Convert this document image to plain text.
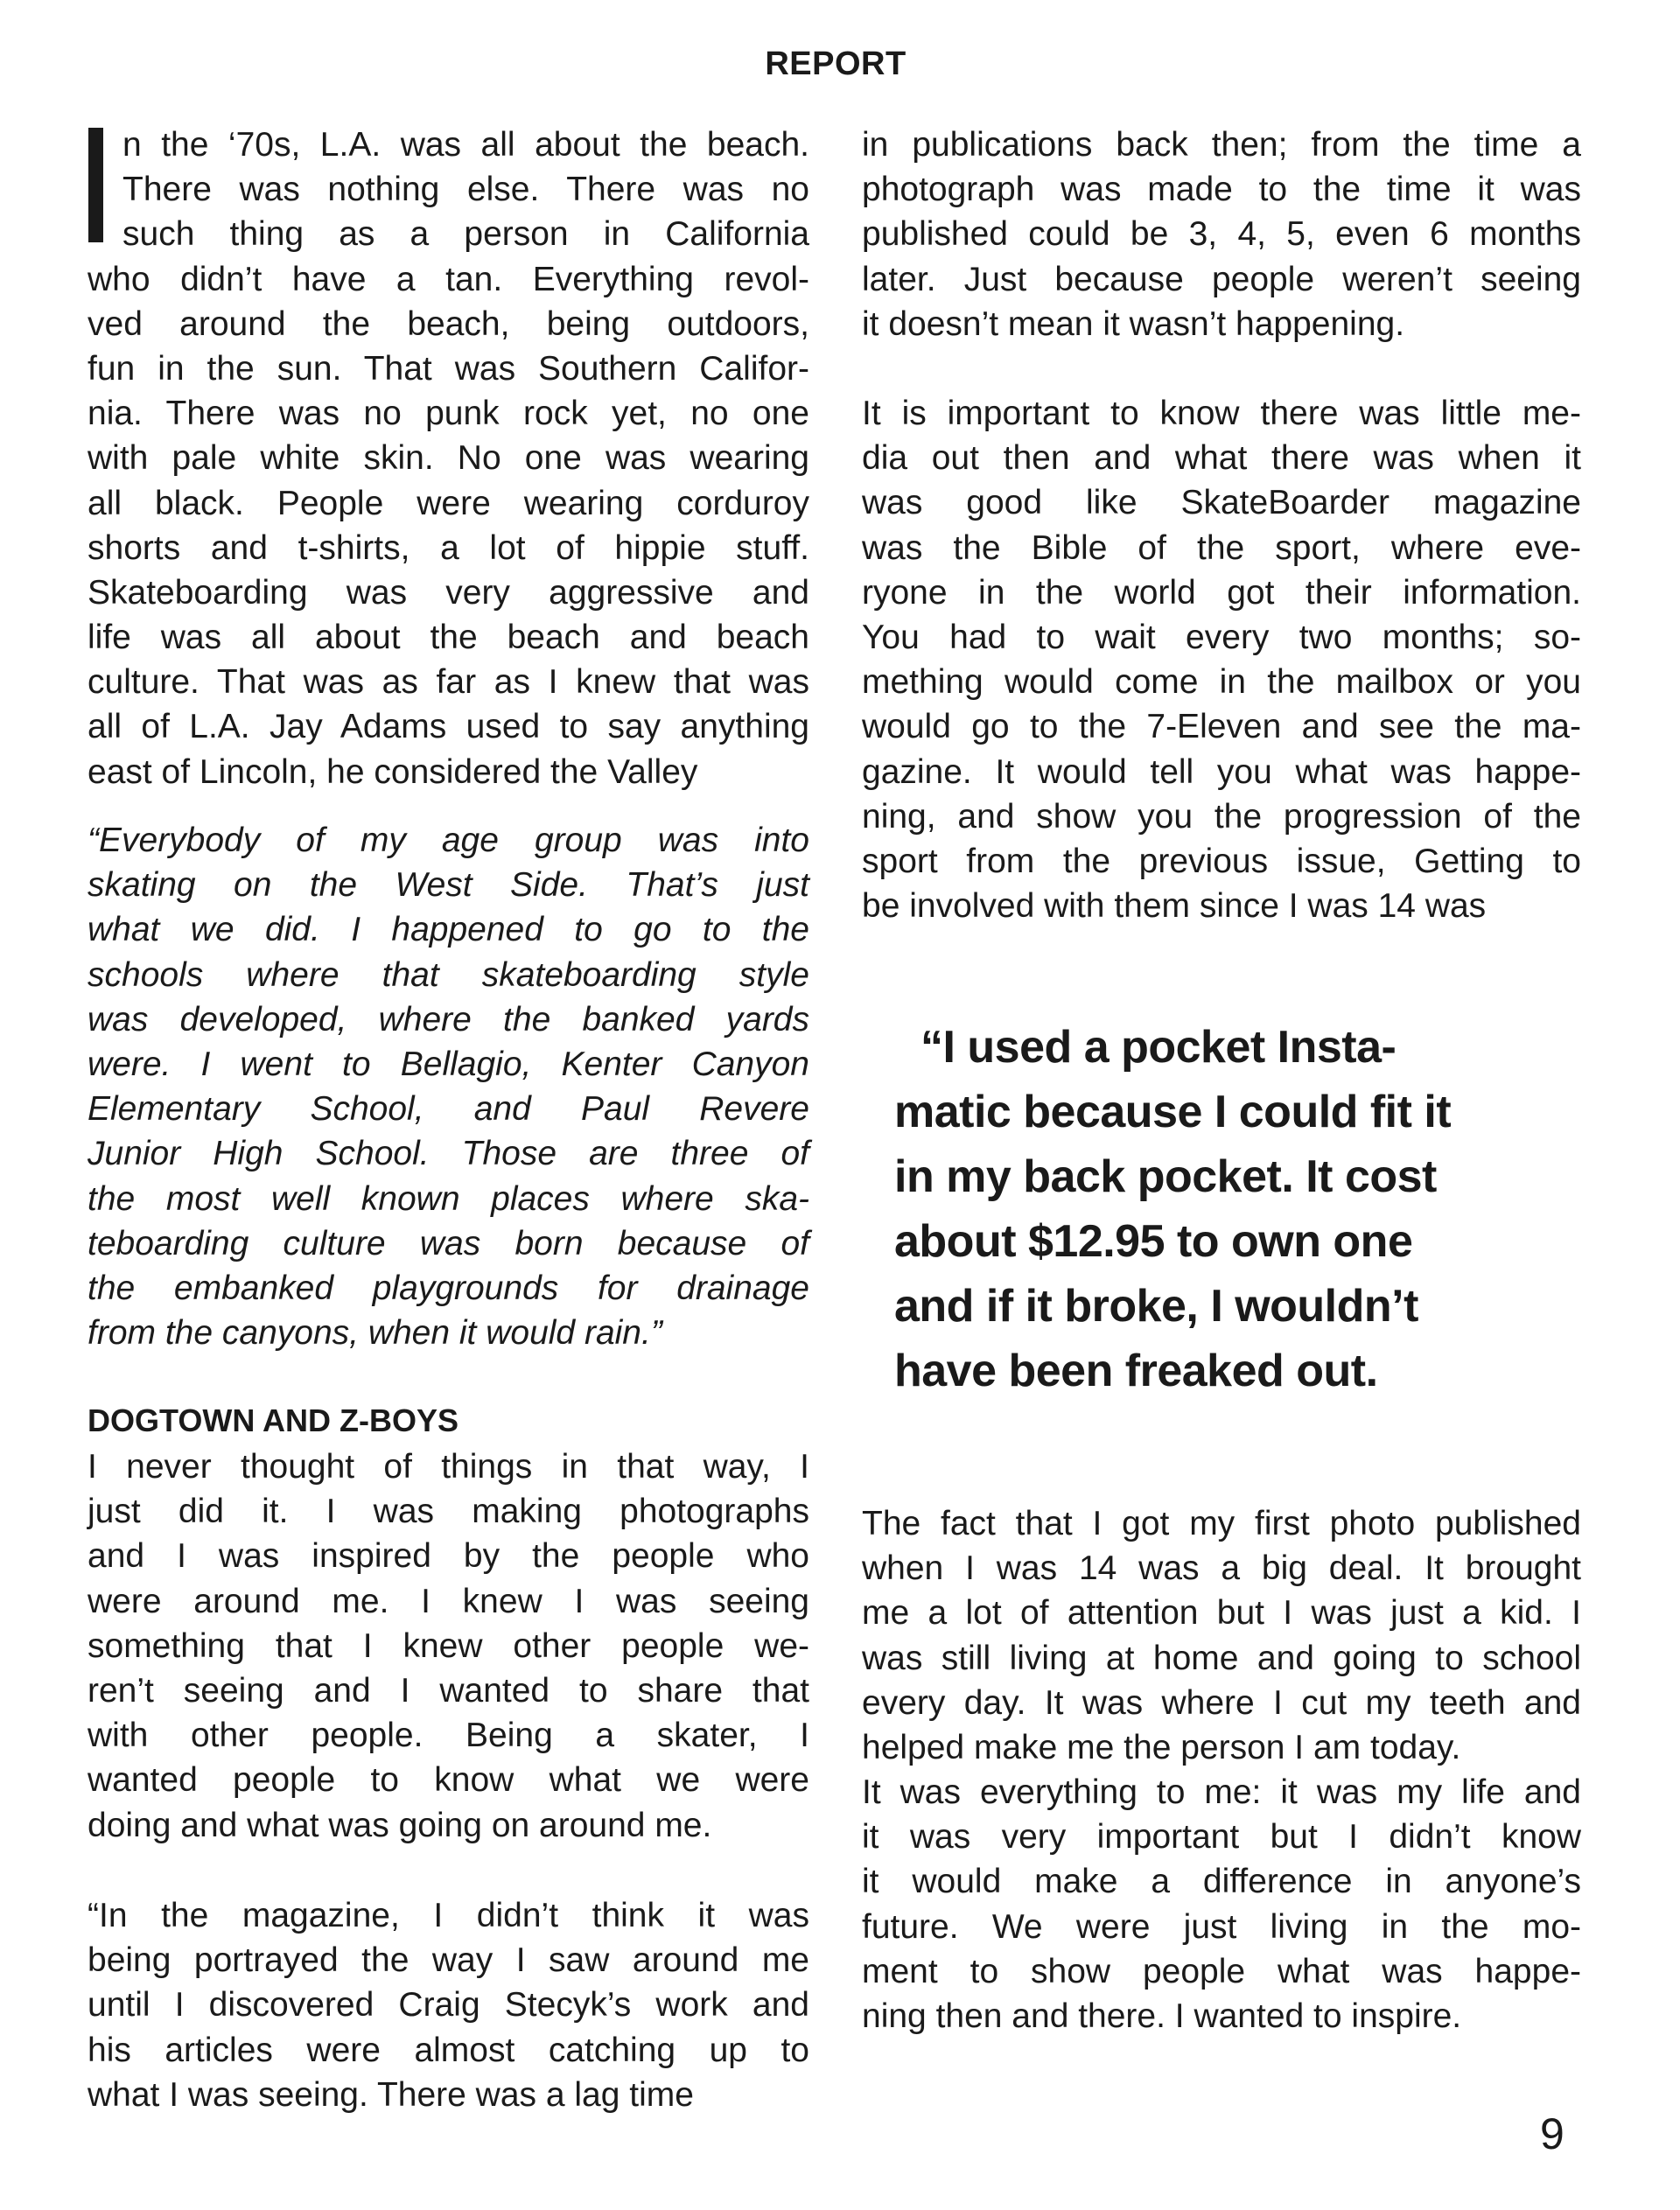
REPORT
n the ‘70s, L.A. was all about the beach.
There was nothing else. There was no
such thing as a person in California
who didn’t have a tan. Everything revol-
ved around the beach, being outdoors,
fun in the sun. That was Southern Califor-
nia. There was no punk rock yet, no one
with pale white skin. No one was wearing
all black. People were wearing corduroy
shorts and t-shirts, a lot of hippie stuff.
Skateboarding was very aggressive and
life was all about the beach and beach
culture. That was as far as I knew that was
all of L.A. Jay Adams used to say anything
east of Lincoln, he considered the Valley
“Everybody of my age group was into
skating on the West Side. That’s just
what we did. I happened to go to the
schools where that skateboarding style
was developed, where the banked yards
were. I went to Bellagio, Kenter Canyon
Elementary School, and Paul Revere
Junior High School. Those are three of
the most well known places where ska-
teboarding culture was born because of
the embanked playgrounds for drainage
from the canyons, when it would rain.”
DOGTOWN AND Z-BOYS
I never thought of things in that way, I
just did it. I was making photographs
and I was inspired by the people who
were around me. I knew I was seeing
something that I knew other people we-
ren’t seeing and I wanted to share that
with other people. Being a skater, I
wanted people to know what we were
doing and what was going on around me.
“In the magazine, I didn’t think it was
being portrayed the way I saw around me
until I discovered Craig Stecyk’s work and
his articles were almost catching up to
what I was seeing. There was a lag time
in publications back then; from the time a
photograph was made to the time it was
published could be 3, 4, 5, even 6 months
later. Just because people weren’t seeing
it doesn’t mean it wasn’t happening.
It is important to know there was little me-
dia out then and what there was when it
was good like SkateBoarder magazine
was the Bible of the sport, where eve-
ryone in the world got their information.
You had to wait every two months; so-
mething would come in the mailbox or you
would go to the 7-Eleven and see the ma-
gazine. It would tell you what was happe-
ning, and show you the progression of the
sport from the previous issue, Getting to
be involved with them since I was 14 was
“I used a pocket Insta-
matic because I could fit it
in my back pocket. It cost
about $12.95 to own one
and if it broke, I wouldn’t
have been freaked out.
The fact that I got my first photo published
when I was 14 was a big deal. It brought
me a lot of attention but I was just a kid. I
was still living at home and going to school
every day. It was where I cut my teeth and
helped make me the person I am today.
It was everything to me: it was my life and
it was very important but I didn’t know
it would make a difference in anyone’s
future. We were just living in the mo-
ment to show people what was happe-
ning then and there. I wanted to inspire.
9
